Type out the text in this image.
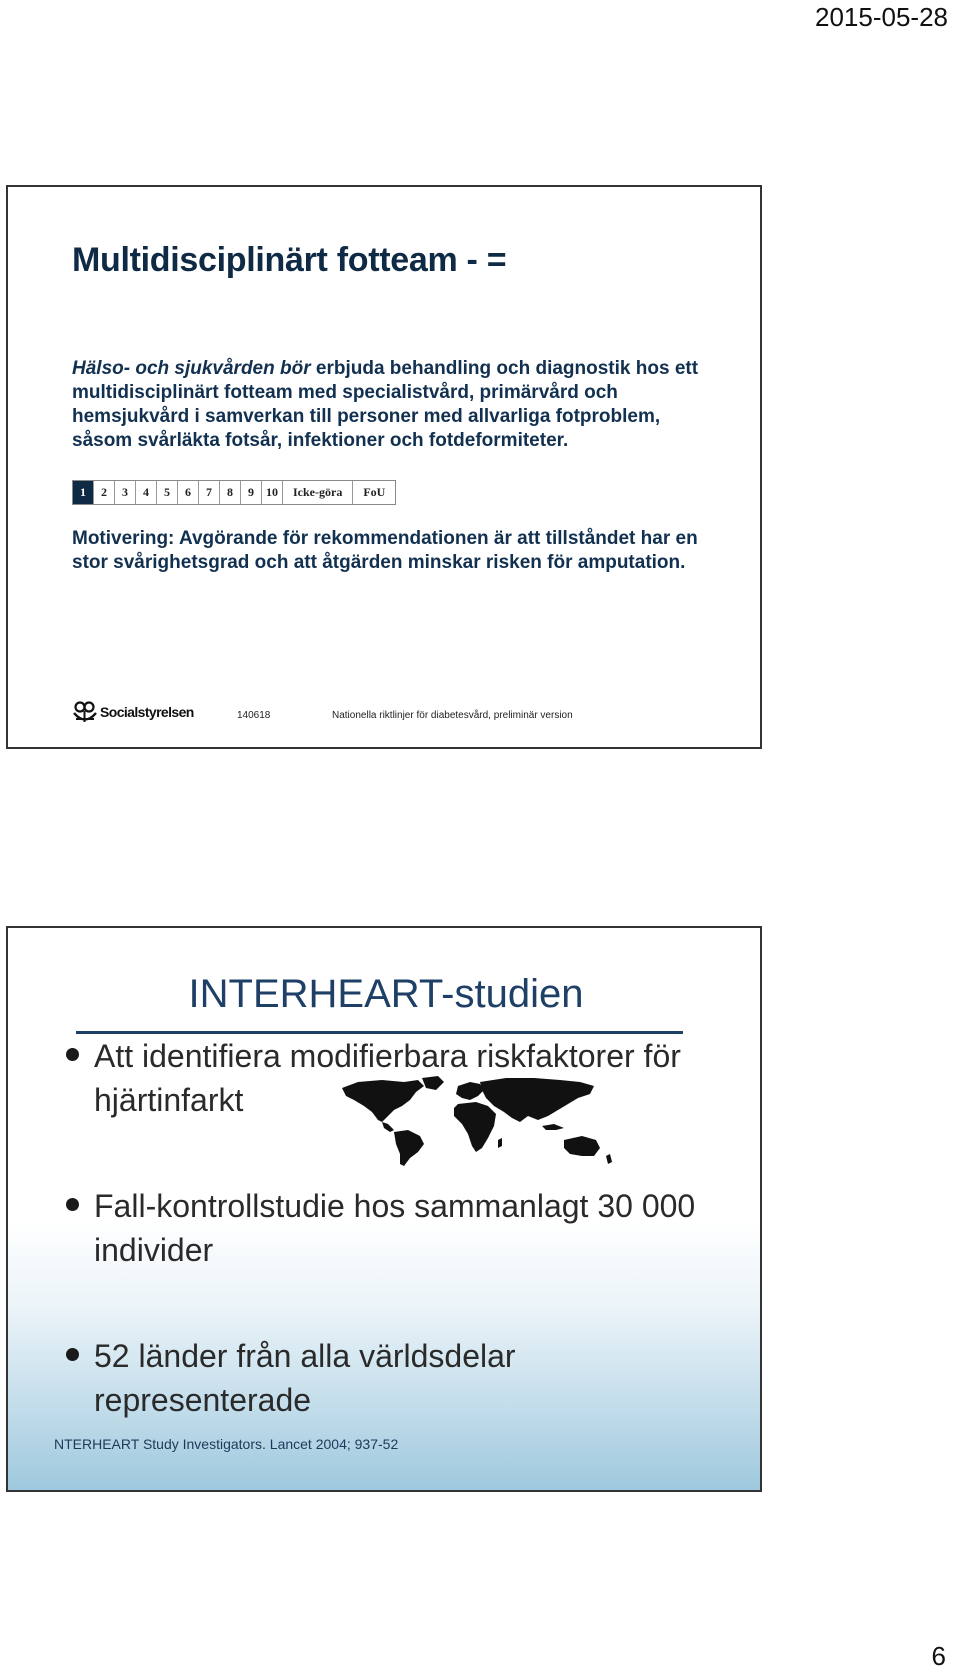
2015-05-28
Multidisciplinärt fotteam - =

Hälso- och sjukvården bör erbjuda behandling och diagnostik hos ett multidisciplinärt fotteam med specialistvård, primärvård och hemsjukvård i samverkan till personer med allvarliga fotproblem, såsom svårläkta fotsår, infektioner och fotdeformiteter.

1	2	3	4	5	6	7	8	9	10	Icke-göra	FoU

Motivering: Avgörande för rekommendationen är att tillståndet har en stor svårighetsgrad och att åtgärden minskar risken för amputation.

Socialstyrelsen	140618	Nationella riktlinjer för diabetesvård, preliminär version
INTERHEART-studien
Att identifiera modifierbara riskfaktorer för hjärtinfarkt
Fall-kontrollstudie hos sammanlagt 30 000 individer
52 länder från alla världsdelar representerade
NTERHEART Study Investigators. Lancet 2004; 937-52
6
